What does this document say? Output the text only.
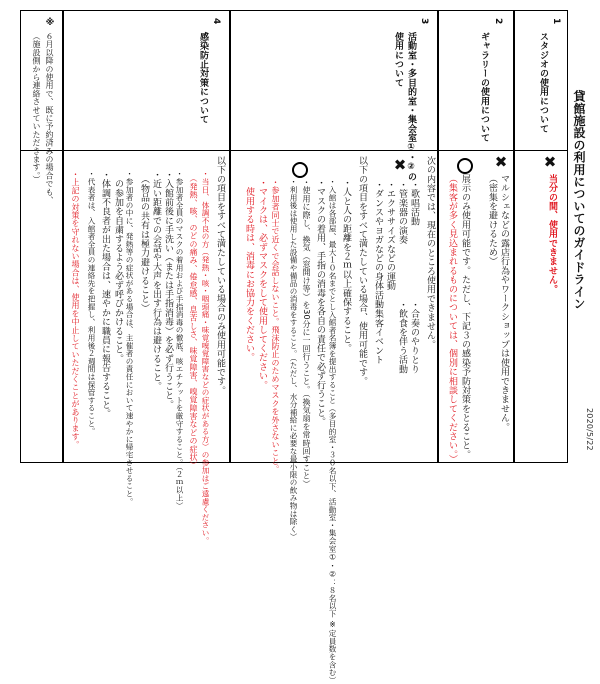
貸館施設の利用についてのガイドライン
2020/5/22
1
スタジオの使用について
✖
当分の間、使用できません。
2
ギャラリーの使用について
✖
マルシェなどの露店行為やワークショップは使用できません。
（密集を避けるため）
展示のみ使用可能です。ただし、下記３の感染予防対策をとること。
（集客が多く見込まれるものについては、個別に相談してください。）
3
活動室・多目的室・集会室①・②の
使用について
次の内容では、現在のところ使用できません。
✖
・歌唱活動
・合奏のやりとり
・管楽器の演奏
・飲食を伴う活動
・エクササイズなどの運動
・ダンスやヨガなどの身体活動
・集客イベント
以下の項目をすべて満たしている場合、使用可能です。
・人と人の距離を２ｍ以上確保すること。
・入館は各部屋、最大１０名までとし入館者名簿を提出すること（多目的室・３０名以下、活動室・集会室①・②：８名以下 ※定員数を含む）
・マスクの着用、手指の消毒を各自の責任で必ず行うこと。
・使用に際し、換気（窓開け等）を30分に一回行うこと。（換気扇を常時回すこと）
・利用後は使用した設備や備品の消毒をすること。（ただし、水分補給に必要な最小限の飲み物は除く）
・参加者同士で近くで会話しないこと。飛沫防止のためマスクを外さないこと。
・マイクは、必ずマスクをして使用してください。
　使用する時は、消毒にお協力をください。
4
感染防止対策について
以下の項目をすべて満たしている場合のみ使用可能です。
・当日、体調不良の方（発熱・咳・咽頭痛・味覚嗅覚障害などの症状がある方）の参加はご遠慮ください。
　（発熱、咳、のどの痛み、倦怠感、息苦しさ、味覚障害、嗅覚障害などの症状）
・参加者全員のマスクの着用および手指消毒の徹底、咳エチケットを厳守すること。（２ｍ以上）
・入館前後に手洗い（または手指消毒）を必ず行うこと。
・近い距離での会話や大声を出す行為は避けること。
　（物品の共有は極力避けること）
・参加者の中に、発熱等の症状がある場合は、主催者の責任において速やかに帰宅させること。
　の参加を自粛するよう必ず呼びかけること。
・体調不良者が出た場合は、速やかに職員に報告すること。
・代表者は、入館者全員の連絡先を把握し、利用後２週間は保管すること。
・上記の対策を守れない場合は、使用を中止していただくことがあります。
※
６月以降の使用で、既に予約済みの場合でも、
（施設側から連絡させていただきます。）
